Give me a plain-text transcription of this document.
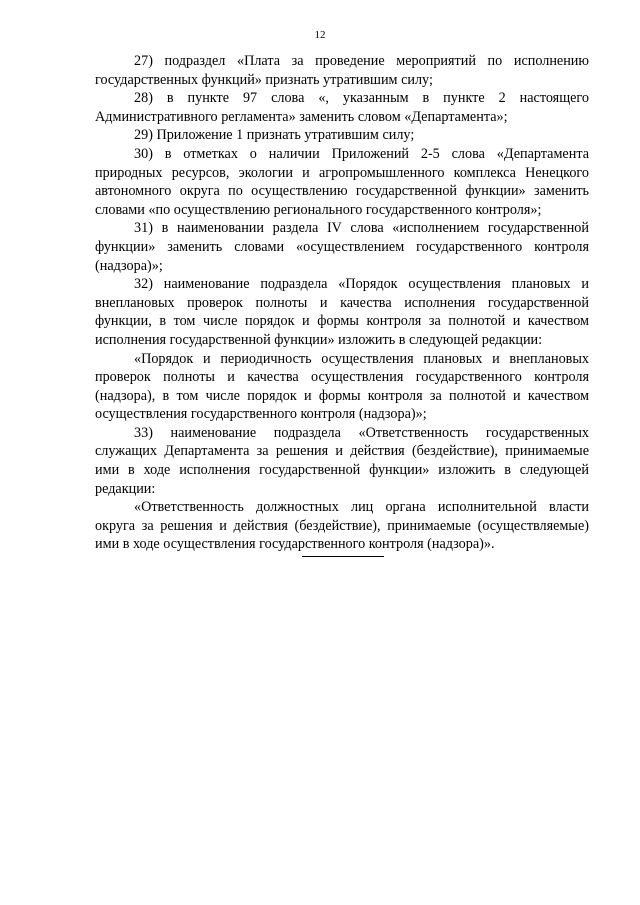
12

27) подраздел «Плата за проведение мероприятий по исполнению государственных функций» признать утратившим силу;

28) в пункте 97 слова «, указанным в пункте 2 настоящего Административного регламента» заменить словом «Департамента»;

29) Приложение 1 признать утратившим силу;

30) в отметках о наличии Приложений 2-5 слова «Департамента природных ресурсов, экологии и агропромышленного комплекса Ненецкого автономного округа по осуществлению государственной функции» заменить словами «по осуществлению регионального государственного контроля»;

31) в наименовании раздела IV слова «исполнением государственной функции» заменить словами «осуществлением государственного контроля (надзора)»;

32) наименование подраздела «Порядок осуществления плановых и внеплановых проверок полноты и качества исполнения государственной функции, в том числе порядок и формы контроля за полнотой и качеством исполнения государственной функции» изложить в следующей редакции:

«Порядок и периодичность осуществления плановых и внеплановых проверок полноты и качества осуществления государственного контроля (надзора), в том числе порядок и формы контроля за полнотой и качеством осуществления государственного контроля (надзора)»;

33) наименование подраздела «Ответственность государственных служащих Департамента за решения и действия (бездействие), принимаемые ими в ходе исполнения государственной функции» изложить в следующей редакции:

«Ответственность должностных лиц органа исполнительной власти округа за решения и действия (бездействие), принимаемые (осуществляемые) ими в ходе осуществления государственного контроля (надзора)».
